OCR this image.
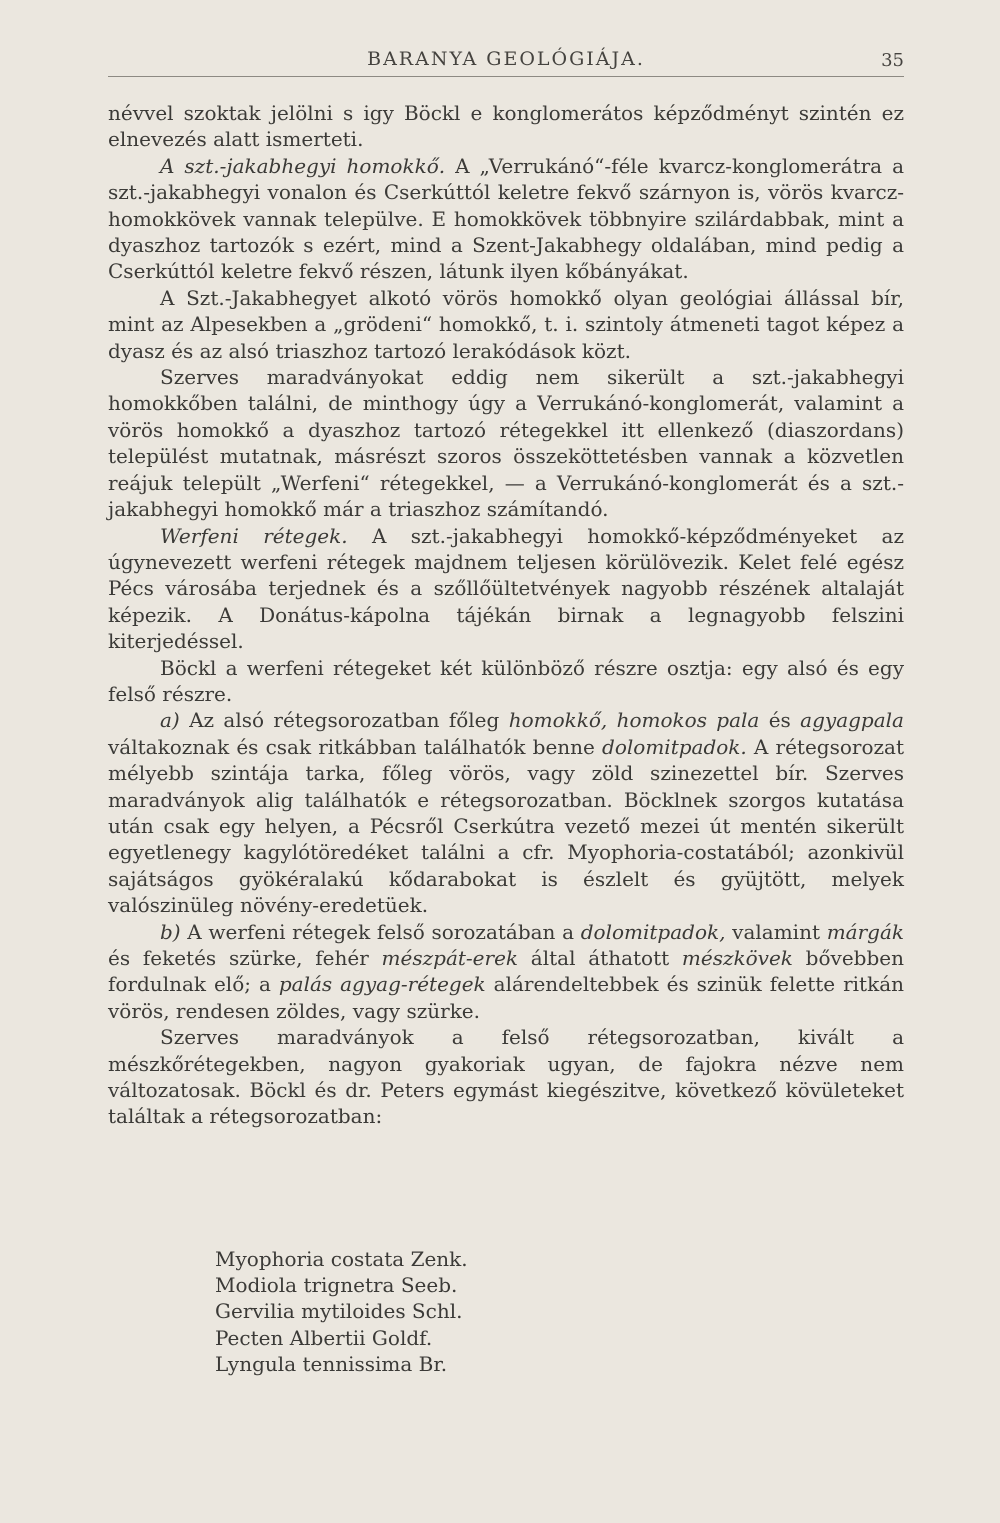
BARANYA GEOLÓGIÁJA.	35

névvel szoktak jelölni s igy Böckl e konglomerátos képződményt szintén ez elnevezés alatt ismerteti.

A szt.-jakabhegyi homokkő. A „Verrukánó“-féle kvarcz-konglomerátra a szt.-jakabhegyi vonalon és Cserkúttól keletre fekvő szárnyon is, vörös kvarcz-homokkövek vannak települve. E homokkövek többnyire szilárdabbak, mint a dyaszhoz tartozók s ezért, mind a Szent-Jakabhegy oldalában, mind pedig a Cserkúttól keletre fekvő részen, látunk ilyen kőbányákat.

A Szt.-Jakabhegyet alkotó vörös homokkő olyan geológiai állással bír, mint az Alpesekben a „grödeni“ homokkő, t. i. szintoly átmeneti tagot képez a dyasz és az alsó triaszhoz tartozó lerakódások közt.

Szerves maradványokat eddig nem sikerült a szt.-jakabhegyi homokkőben találni, de minthogy úgy a Verrukánó-konglomerát, valamint a vörös homokkő a dyaszhoz tartozó rétegekkel itt ellenkező (diaszordans) települést mutatnak, másrészt szoros összeköttetésben vannak a közvetlen reájuk települt „Werfeni“ rétegekkel, — a Verrukánó-konglomerát és a szt.-jakabhegyi homokkő már a triaszhoz számítandó.

Werfeni rétegek. A szt.-jakabhegyi homokkő-képződményeket az úgynevezett werfeni rétegek majdnem teljesen körülövezik. Kelet felé egész Pécs városába terjednek és a szőllőültetvények nagyobb részének altalaját képezik. A Donátus-kápolna tájékán birnak a legnagyobb felszini kiterjedéssel.

Böckl a werfeni rétegeket két különböző részre osztja: egy alsó és egy felső részre.

a) Az alsó rétegsorozatban főleg homokkő, homokos pala és agyagpala váltakoznak és csak ritkábban találhatók benne dolomitpadok. A rétegsorozat mélyebb szintája tarka, főleg vörös, vagy zöld szinezettel bír. Szerves maradványok alig találhatók e rétegsorozatban. Böcklnek szorgos kutatása után csak egy helyen, a Pécsről Cserkútra vezető mezei út mentén sikerült egyetlenegy kagylótöredéket találni a cfr. Myophoria-costatából; azonkivül sajátságos gyökéralakú kődarabokat is észlelt és gyüjtött, melyek valószinüleg növény-eredetüek.

b) A werfeni rétegek felső sorozatában a dolomitpadok, valamint márgák és feketés szürke, fehér mészpát-erek által áthatott mészkövek bővebben fordulnak elő; a palás agyag-rétegek alárendeltebbek és szinük felette ritkán vörös, rendesen zöldes, vagy szürke.

Szerves maradványok a felső rétegsorozatban, kivált a mészkőrétegekben, nagyon gyakoriak ugyan, de fajokra nézve nem változatosak. Böckl és dr. Peters egymást kiegészitve, következő kövületeket találtak a rétegsorozatban:

Myophoria costata Zenk.
Modiola trignetra Seeb.
Gervilia mytiloides Schl.
Pecten Albertii Goldf.
Lyngula tennissima Br.
